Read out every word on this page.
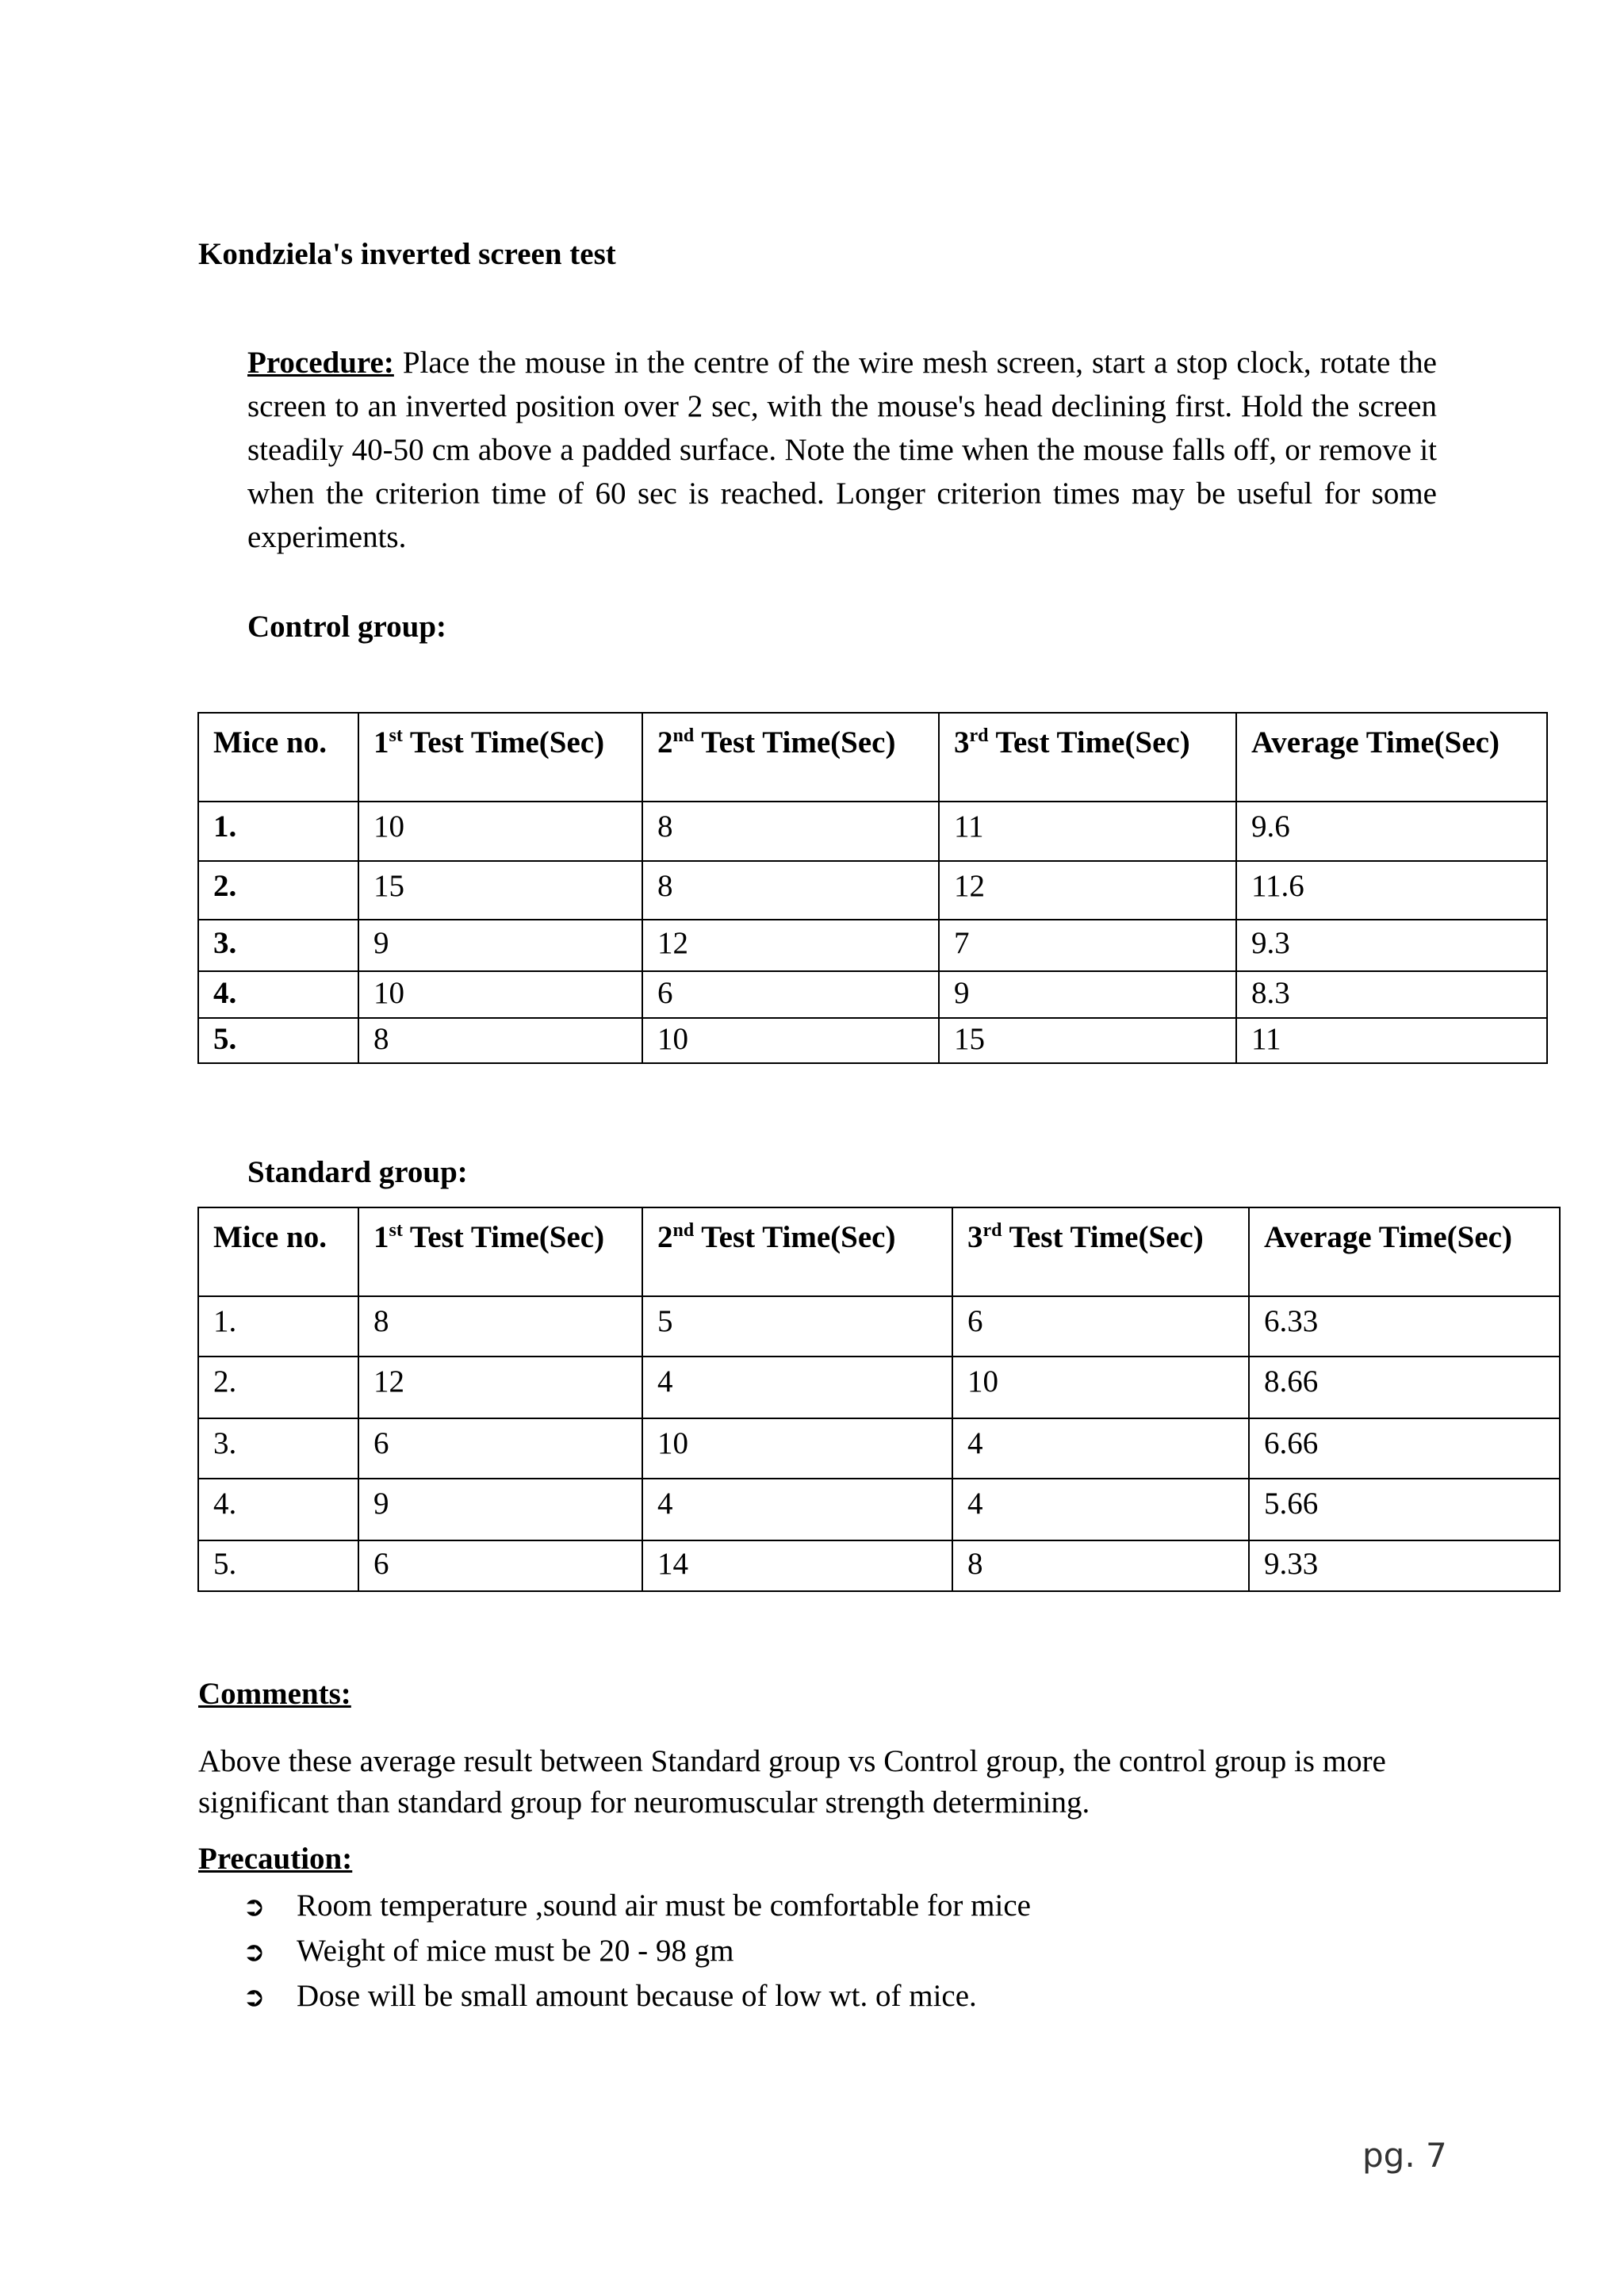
Kondziela's inverted screen test
Procedure: Place the mouse in the centre of the wire mesh screen, start a stop clock, rotate the screen to an inverted position over 2 sec, with the mouse's head declining first. Hold the screen steadily 40-50 cm above a padded surface. Note the time when the mouse falls off, or remove it when the criterion time of 60 sec is reached. Longer criterion times may be useful for some experiments.
Control group:
Mice no.	1st Test Time(Sec)	2nd Test Time(Sec)	3rd Test Time(Sec)	Average Time(Sec)
1.	10	8	11	9.6
2.	15	8	12	11.6
3.	9	12	7	9.3
4.	10	6	9	8.3
5.	8	10	15	11
Standard group:
Mice no.	1st Test Time(Sec)	2nd Test Time(Sec)	3rd Test Time(Sec)	Average Time(Sec)
1.	8	5	6	6.33
2.	12	4	10	8.66
3.	6	10	4	6.66
4.	9	4	4	5.66
5.	6	14	8	9.33
Comments:
Above these average result between Standard group vs Control group, the control group is more significant than standard group for neuromuscular strength determining.
Precaution:
➲	Room temperature ,sound air must be comfortable for mice
➲	Weight of mice must be 20 - 98 gm
➲	Dose will be small amount because of low wt. of mice.
pg. 7
